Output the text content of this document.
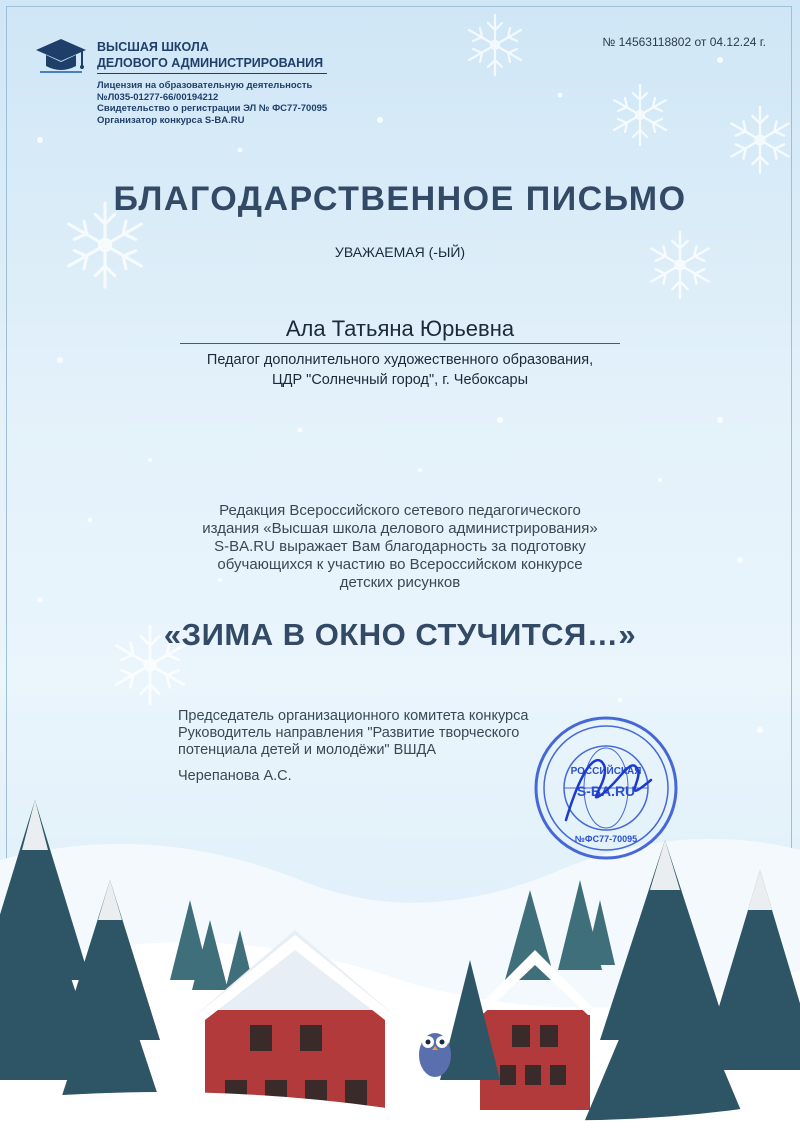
ВЫСШАЯ ШКОЛА
ДЕЛОВОГО АДМИНИСТРИРОВАНИЯ
Лицензия на образовательную деятельность
№Л035-01277-66/00194212
Свидетельство о регистрации ЭЛ № ФС77-70095
Организатор конкурса S-BA.RU
№ 14563118802 от 04.12.24 г.
БЛАГОДАРСТВЕННОЕ ПИСЬМО
УВАЖАЕМАЯ (-ЫЙ)
Ала Татьяна Юрьевна
Педагог дополнительного художественного образования,
ЦДР "Солнечный город", г. Чебоксары
Редакция Всероссийского сетевого педагогического
издания «Высшая школа делового администрирования»
S-BA.RU выражает Вам благодарность за подготовку
обучающихся к участию во Всероссийском конкурсе
детских рисунков
«ЗИМА В ОКНО СТУЧИТСЯ…»
Председатель организационного комитета конкурса
Руководитель направления "Развитие творческого
потенциала детей и молодёжи" ВШДА
Черепанова А.С.
S-BA.RU
РОССИЙСКАЯ
№ФС77-70095
